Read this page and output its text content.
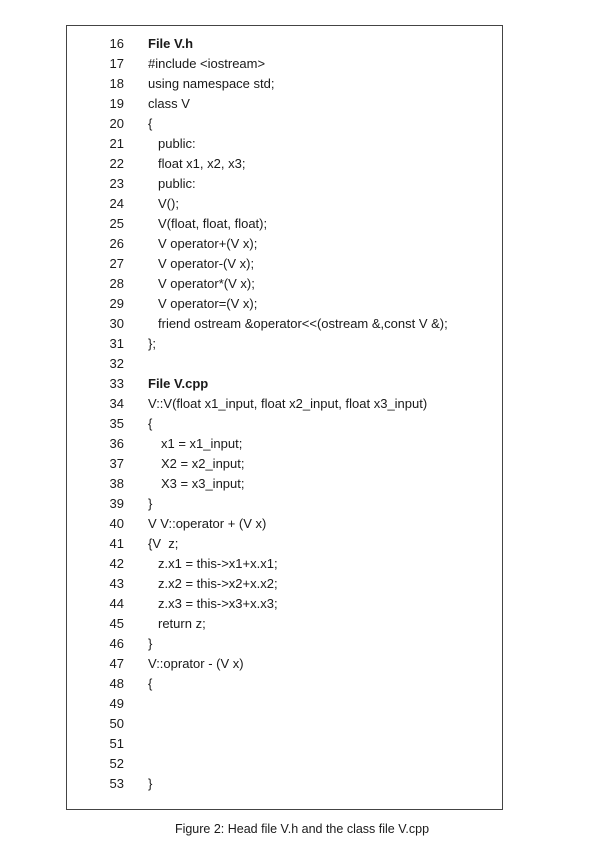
16 File V.h
17 #include <iostream>
18 using namespace std;
19 class V
20 {
21	public:
22	float x1, x2, x3;
23	public:
24	V();
25	V(float, float, float);
26	V operator+(V x);
27	V operator-(V x);
28	V operator*(V x);
29	V operator=(V x);
30	friend ostream &operator<<(ostream &,const V &);
31 };
32
33 File V.cpp
34 V::V(float x1_input, float x2_input, float x3_input)
35 {
36	x1 = x1_input;
37	X2 = x2_input;
38	X3 = x3_input;
39 }
40 V V::operator + (V x)
41 {V  z;
42	z.x1 = this->x1+x.x1;
43	z.x2 = this->x2+x.x2;
44	z.x3 = this->x3+x.x3;
45	return z;
46 }
47 V::oprator - (V x)
48 {
49
50
51
52
53 }
Figure 2: Head file V.h and the class file V.cpp
